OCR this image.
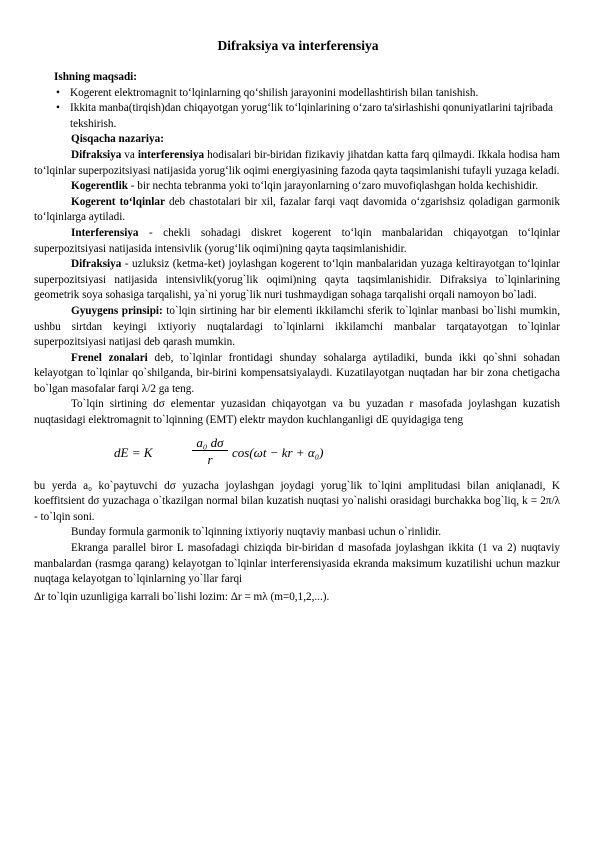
Difraksiya va interferensiya
Ishning maqsadi:
• Kogerent elektromagnit to‘lqinlarning qo‘shilish jarayonini modellashtirish bilan tanishish.
• Ikkita manba(tirqish)dan chiqayotgan yorug‘lik to‘lqinlarining o‘zaro ta'sirlashishi qonuniyatlarini tajribada tekshirish.
Qisqacha nazariya:

Difraksiya va interferensiya hodisalari bir-biridan fizikaviy jihatdan katta farq qilmaydi. Ikkala hodisa ham to‘lqinlar superpozitsiyasi natijasida yorug‘lik oqimi energiyasining fazoda qayta taqsimlanishi tufayli yuzaga keladi.

Kogerentlik - bir nechta tebranma yoki to‘lqin jarayonlarning o‘zaro muvofiqlashgan holda kechishidir.

Kogerent to‘lqinlar deb chastotalari bir xil, fazalar farqi vaqt davomida o‘zgarishsiz qoladigan garmonik to‘lqinlarga aytiladi.

Interferensiya - chekli sohadagi diskret kogerent to‘lqin manbalaridan chiqayotgan to‘lqinlar superpozitsiyasi natijasida intensivlik (yorug‘lik oqimi)ning qayta taqsimlanishidir.

Difraksiya - uzluksiz (ketma-ket) joylashgan kogerent to‘lqin manbalaridan yuzaga keltirayotgan to‘lqinlar superpozitsiyasi natijasida intensivlik(yorug`lik oqimi)ning qayta taqsimlanishidir. Difraksiya to`lqinlarining geometrik soya sohasiga tarqalishi, ya`ni yorug`lik nuri tushmaydigan sohaga tarqalishi orqali namoyon bo`ladi.

Gyuygens prinsipi: to`lqin sirtining har bir elementi ikkilamchi sferik to`lqinlar manbasi bo`lishi mumkin, ushbu sirtdan keyingi ixtiyoriy nuqtalardagi to`lqinlarni ikkilamchi manbalar tarqatayotgan to`lqinlar superpozitsiyasi natijasi deb qarash mumkin.

Frenel zonalari deb, to`lqinlar frontidagi shunday sohalarga aytiladiki, bunda ikki qo`shni sohadan kelayotgan to`lqinlar qo`shilganda, bir-birini kompensatsiyalaydi. Kuzatilayotgan nuqtadan har bir zona chetigacha bo`lgan masofalar farqi λ/2 ga teng.

To`lqin sirtining dσ elementar yuzasidan chiqayotgan va bu yuzadan r masofada joylashgan kuzatish nuqtasidagi elektromagnit to`lqinning (EMT) elektr maydon kuchlanganligi dE quyidagiga teng

dE = K	$\frac{\text{a₀ dσ}}{r} \cos(\omega t$ − kr + α₀)

bu yerda a₀ ko`paytuvchi dσ yuzacha joylashgan joydagi yorug`lik to`lqini amplitudasi bilan aniqlanadi, K koeffitsient dσ yuzachaga o`tkazilgan normal bilan kuzatish nuqtasi yo`nalishi orasidagi burchakka bog`liq, k = 2π/λ - to`lqin soni.

Bunday formula garmonik to`lqinning ixtiyoriy nuqtaviy manbasi uchun o`rinlidir.

Ekranga parallel biror L masofadagi chiziqda bir-biridan d masofada joylashgan ikkita (1 va 2) nuqtaviy manbalardan (rasmga qarang) kelayotgan to`lqinlar interferensiyasida ekranda maksimum kuzatilishi uchun mazkur nuqtaga kelayotgan to`lqinlarning yo`llar farqi

Δr to`lqin uzunligiga karrali bo`lishi lozim: Δr = mλ (m=0,1,2,...).
